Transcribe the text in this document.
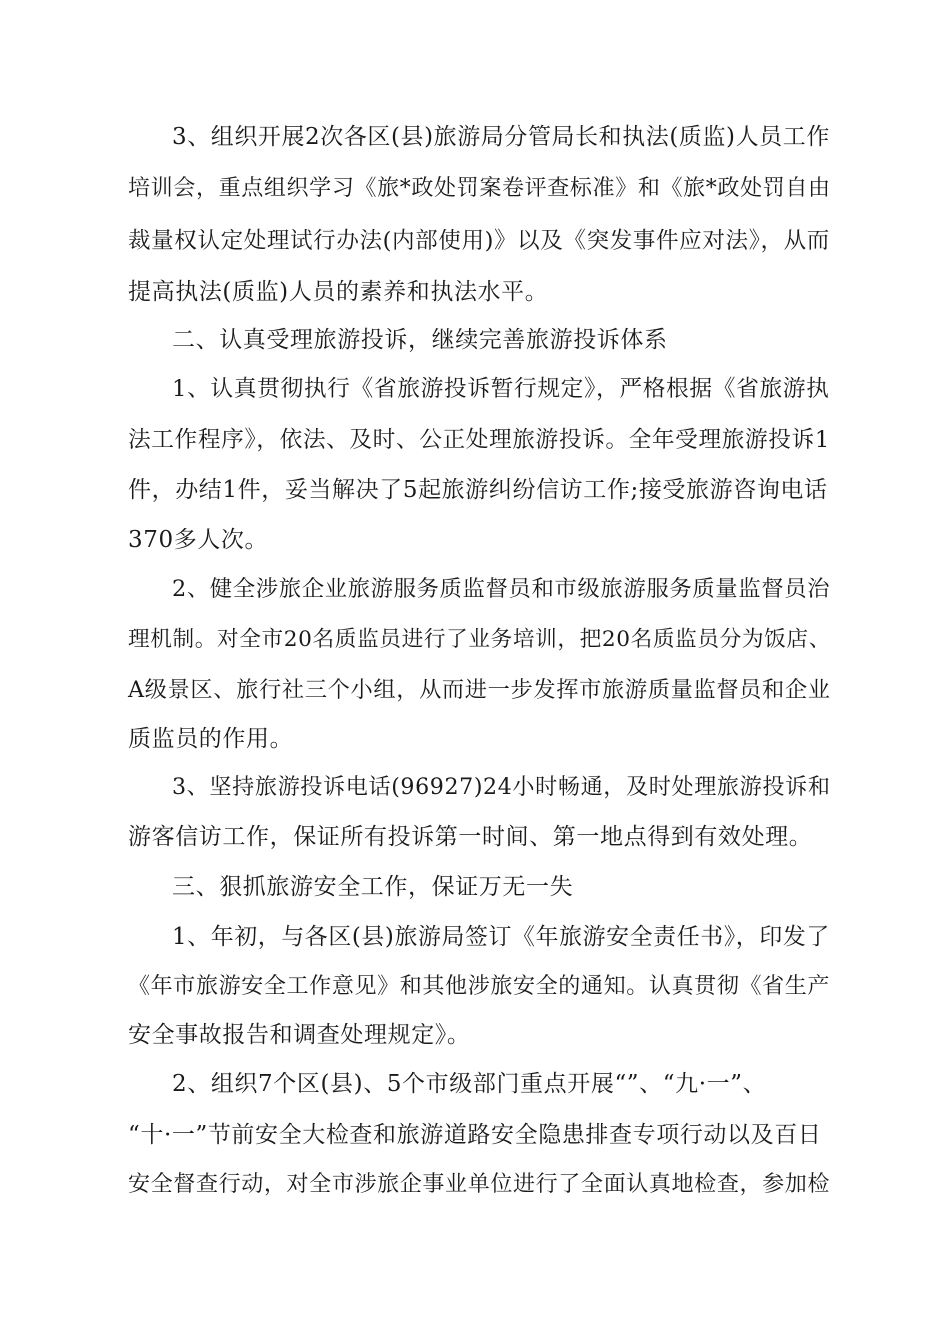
3、组织开展2次各区(县)旅游局分管局长和执法(质监)人员工作
培训会，重点组织学习《旅*政处罚案卷评查标准》和《旅*政处罚自由
裁量权认定处理试行办法(内部使用)》以及《突发事件应对法》，从而
提高执法(质监)人员的素养和执法水平。
二、认真受理旅游投诉，继续完善旅游投诉体系
1、认真贯彻执行《省旅游投诉暂行规定》，严格根据《省旅游执
法工作程序》，依法、及时、公正处理旅游投诉。全年受理旅游投诉1
件，办结1件，妥当解决了5起旅游纠纷信访工作;接受旅游咨询电话
370多人次。
2、健全涉旅企业旅游服务质监督员和市级旅游服务质量监督员治
理机制。对全市20名质监员进行了业务培训，把20名质监员分为饭店、
A级景区、旅行社三个小组，从而进一步发挥市旅游质量监督员和企业
质监员的作用。
3、坚持旅游投诉电话(96927)24小时畅通，及时处理旅游投诉和
游客信访工作，保证所有投诉第一时间、第一地点得到有效处理。
三、狠抓旅游安全工作，保证万无一失
1、年初，与各区(县)旅游局签订《年旅游安全责任书》，印发了
《年市旅游安全工作意见》和其他涉旅安全的通知。认真贯彻《省生产
安全事故报告和调查处理规定》。
2、组织7个区(县)、5个市级部门重点开展“”、“九·一”、
“十·一”节前安全大检查和旅游道路安全隐患排查专项行动以及百日
安全督查行动，对全市涉旅企事业单位进行了全面认真地检查，参加检
